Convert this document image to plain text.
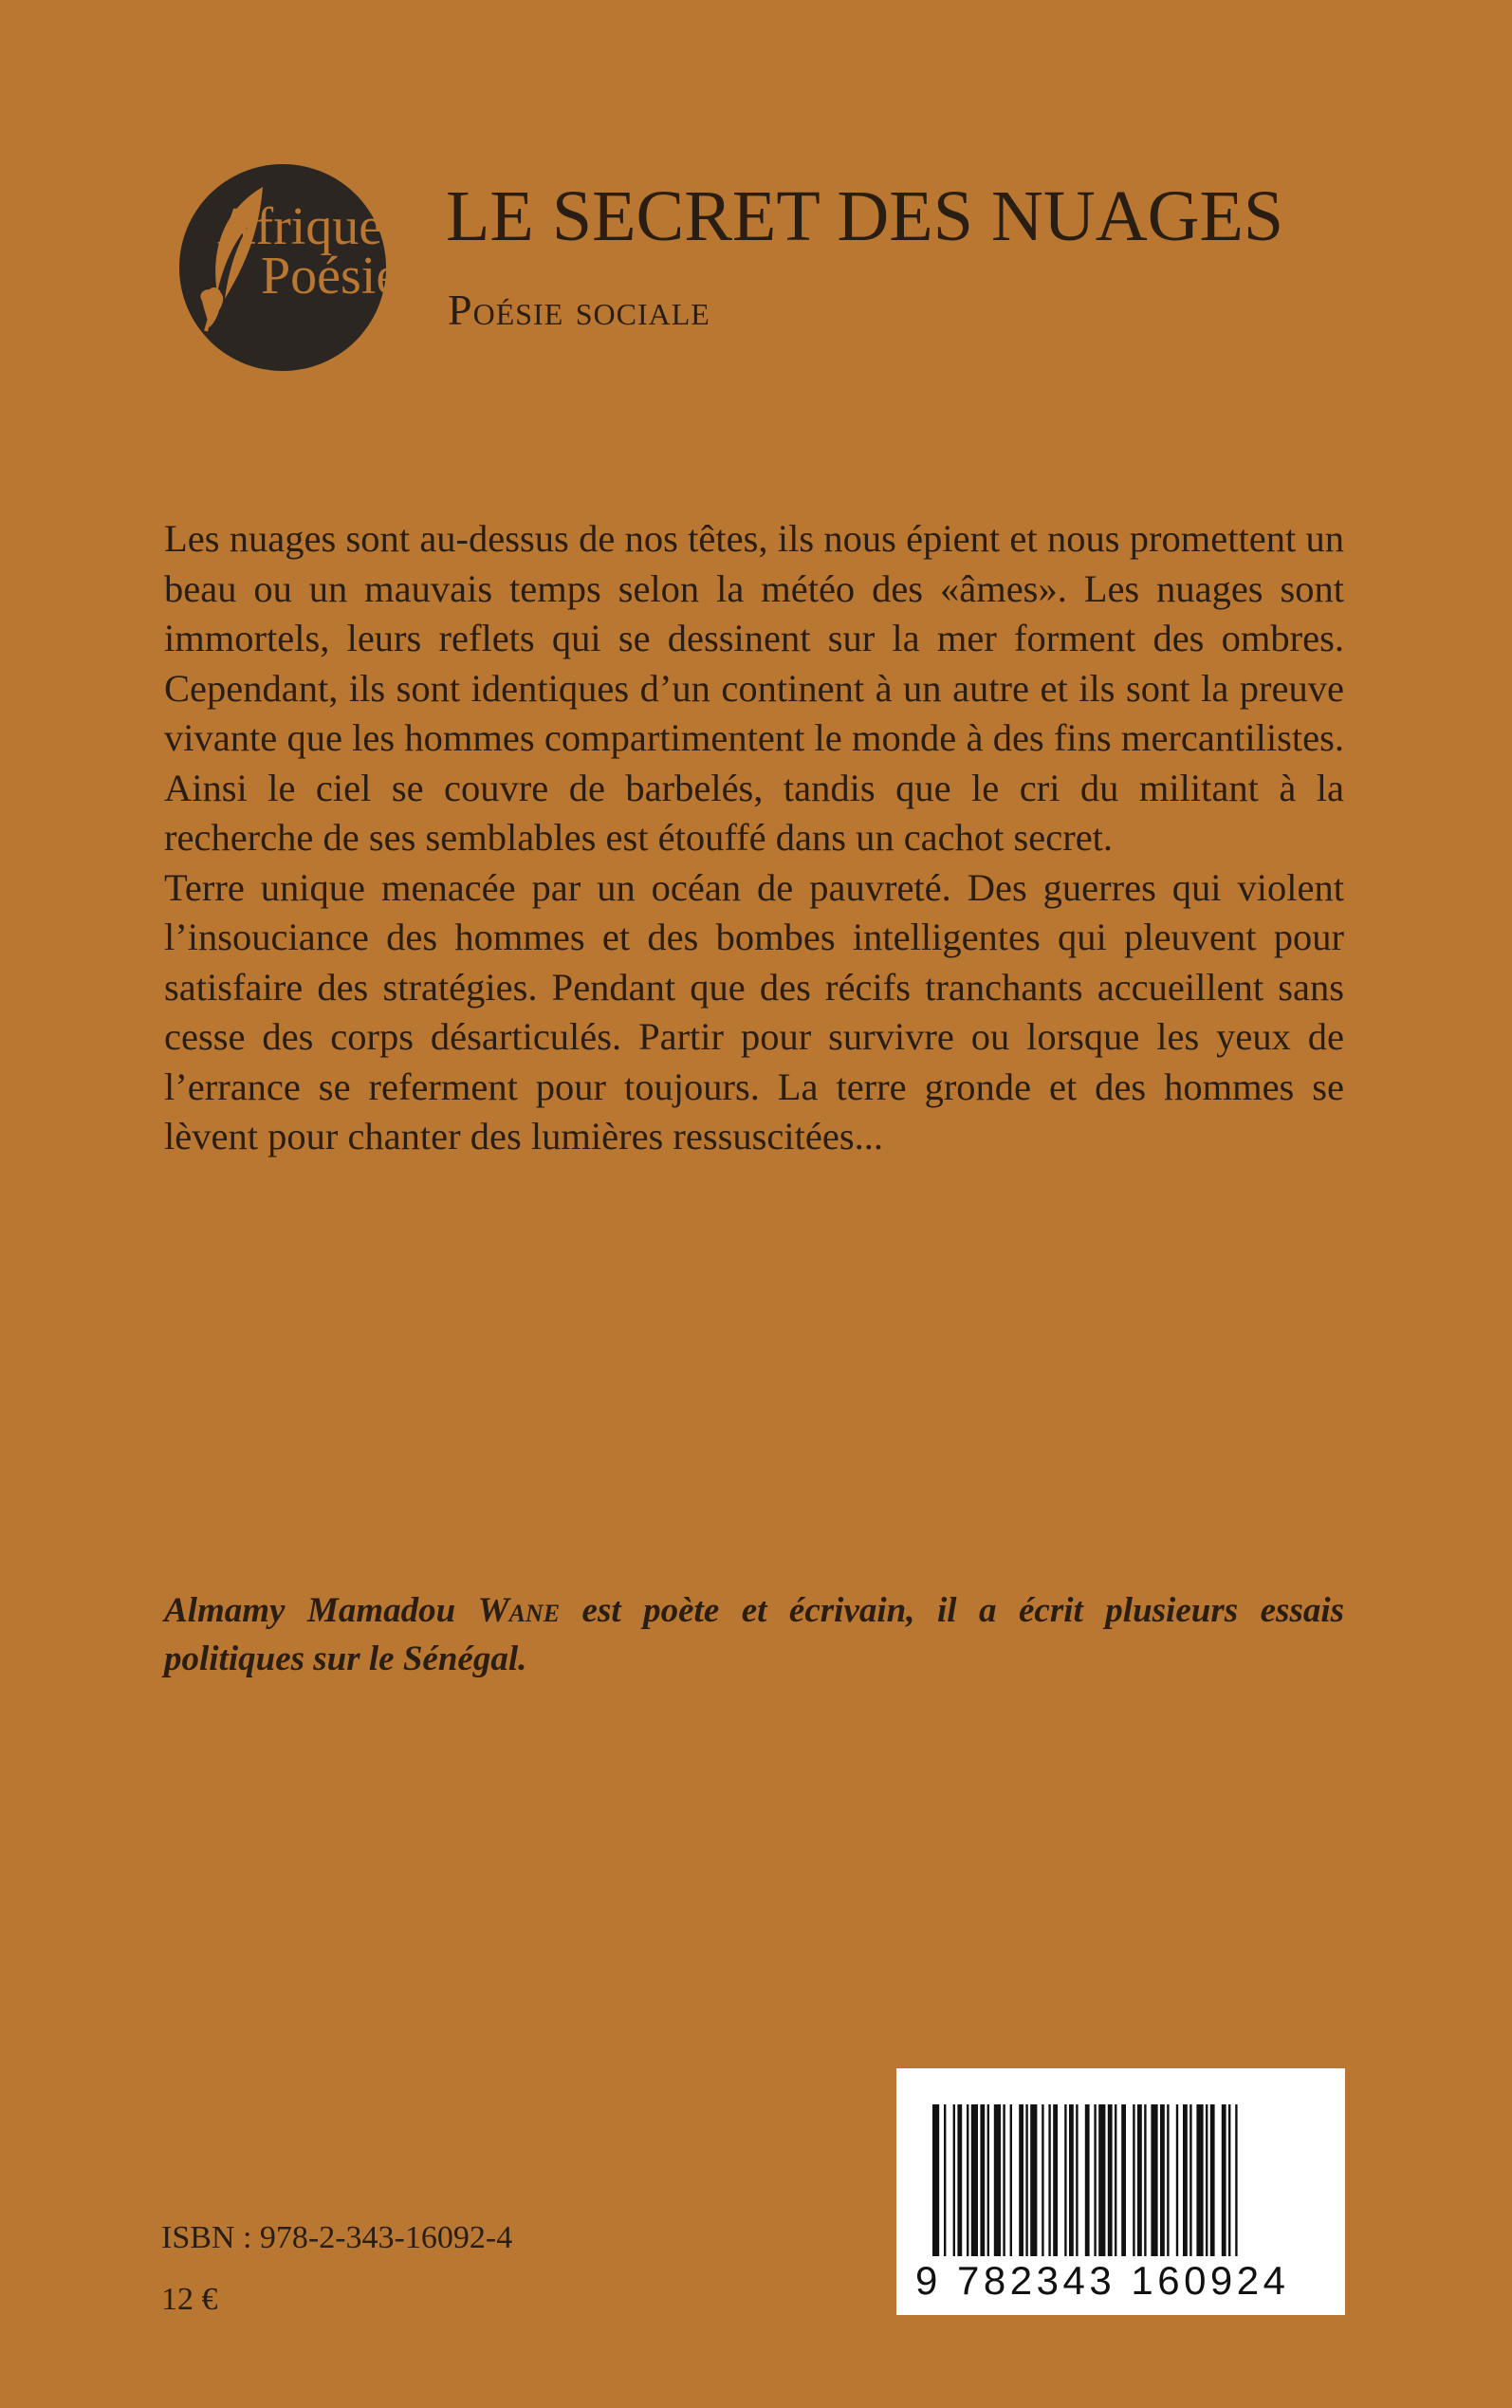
Afrique
Poésie
LE SECRET DES NUAGES
Poésie sociale

Les nuages sont au-dessus de nos têtes, ils nous épient et nous promettent un beau ou un mauvais temps selon la météo des «âmes». Les nuages sont immortels, leurs reflets qui se dessinent sur la mer forment des ombres. Cependant, ils sont identiques d’un continent à un autre et ils sont la preuve vivante que les hommes compartimentent le monde à des fins mercantilistes. Ainsi le ciel se couvre de barbelés, tandis que le cri du militant à la recherche de ses semblables est étouffé dans un cachot secret.

Terre unique menacée par un océan de pauvreté. Des guerres qui violent l’insouciance des hommes et des bombes intelligentes qui pleuvent pour satisfaire des stratégies. Pendant que des récifs tranchants accueillent sans cesse des corps désarticulés. Partir pour survivre ou lorsque les yeux de l’errance se referment pour toujours. La terre gronde et des hommes se lèvent pour chanter des lumières ressuscitées...

Almamy Mamadou Wane est poète et écrivain, il a écrit plusieurs essais politiques sur le Sénégal.
ISBN : 978-2-343-16092-4
12 €	9 782343 160924
